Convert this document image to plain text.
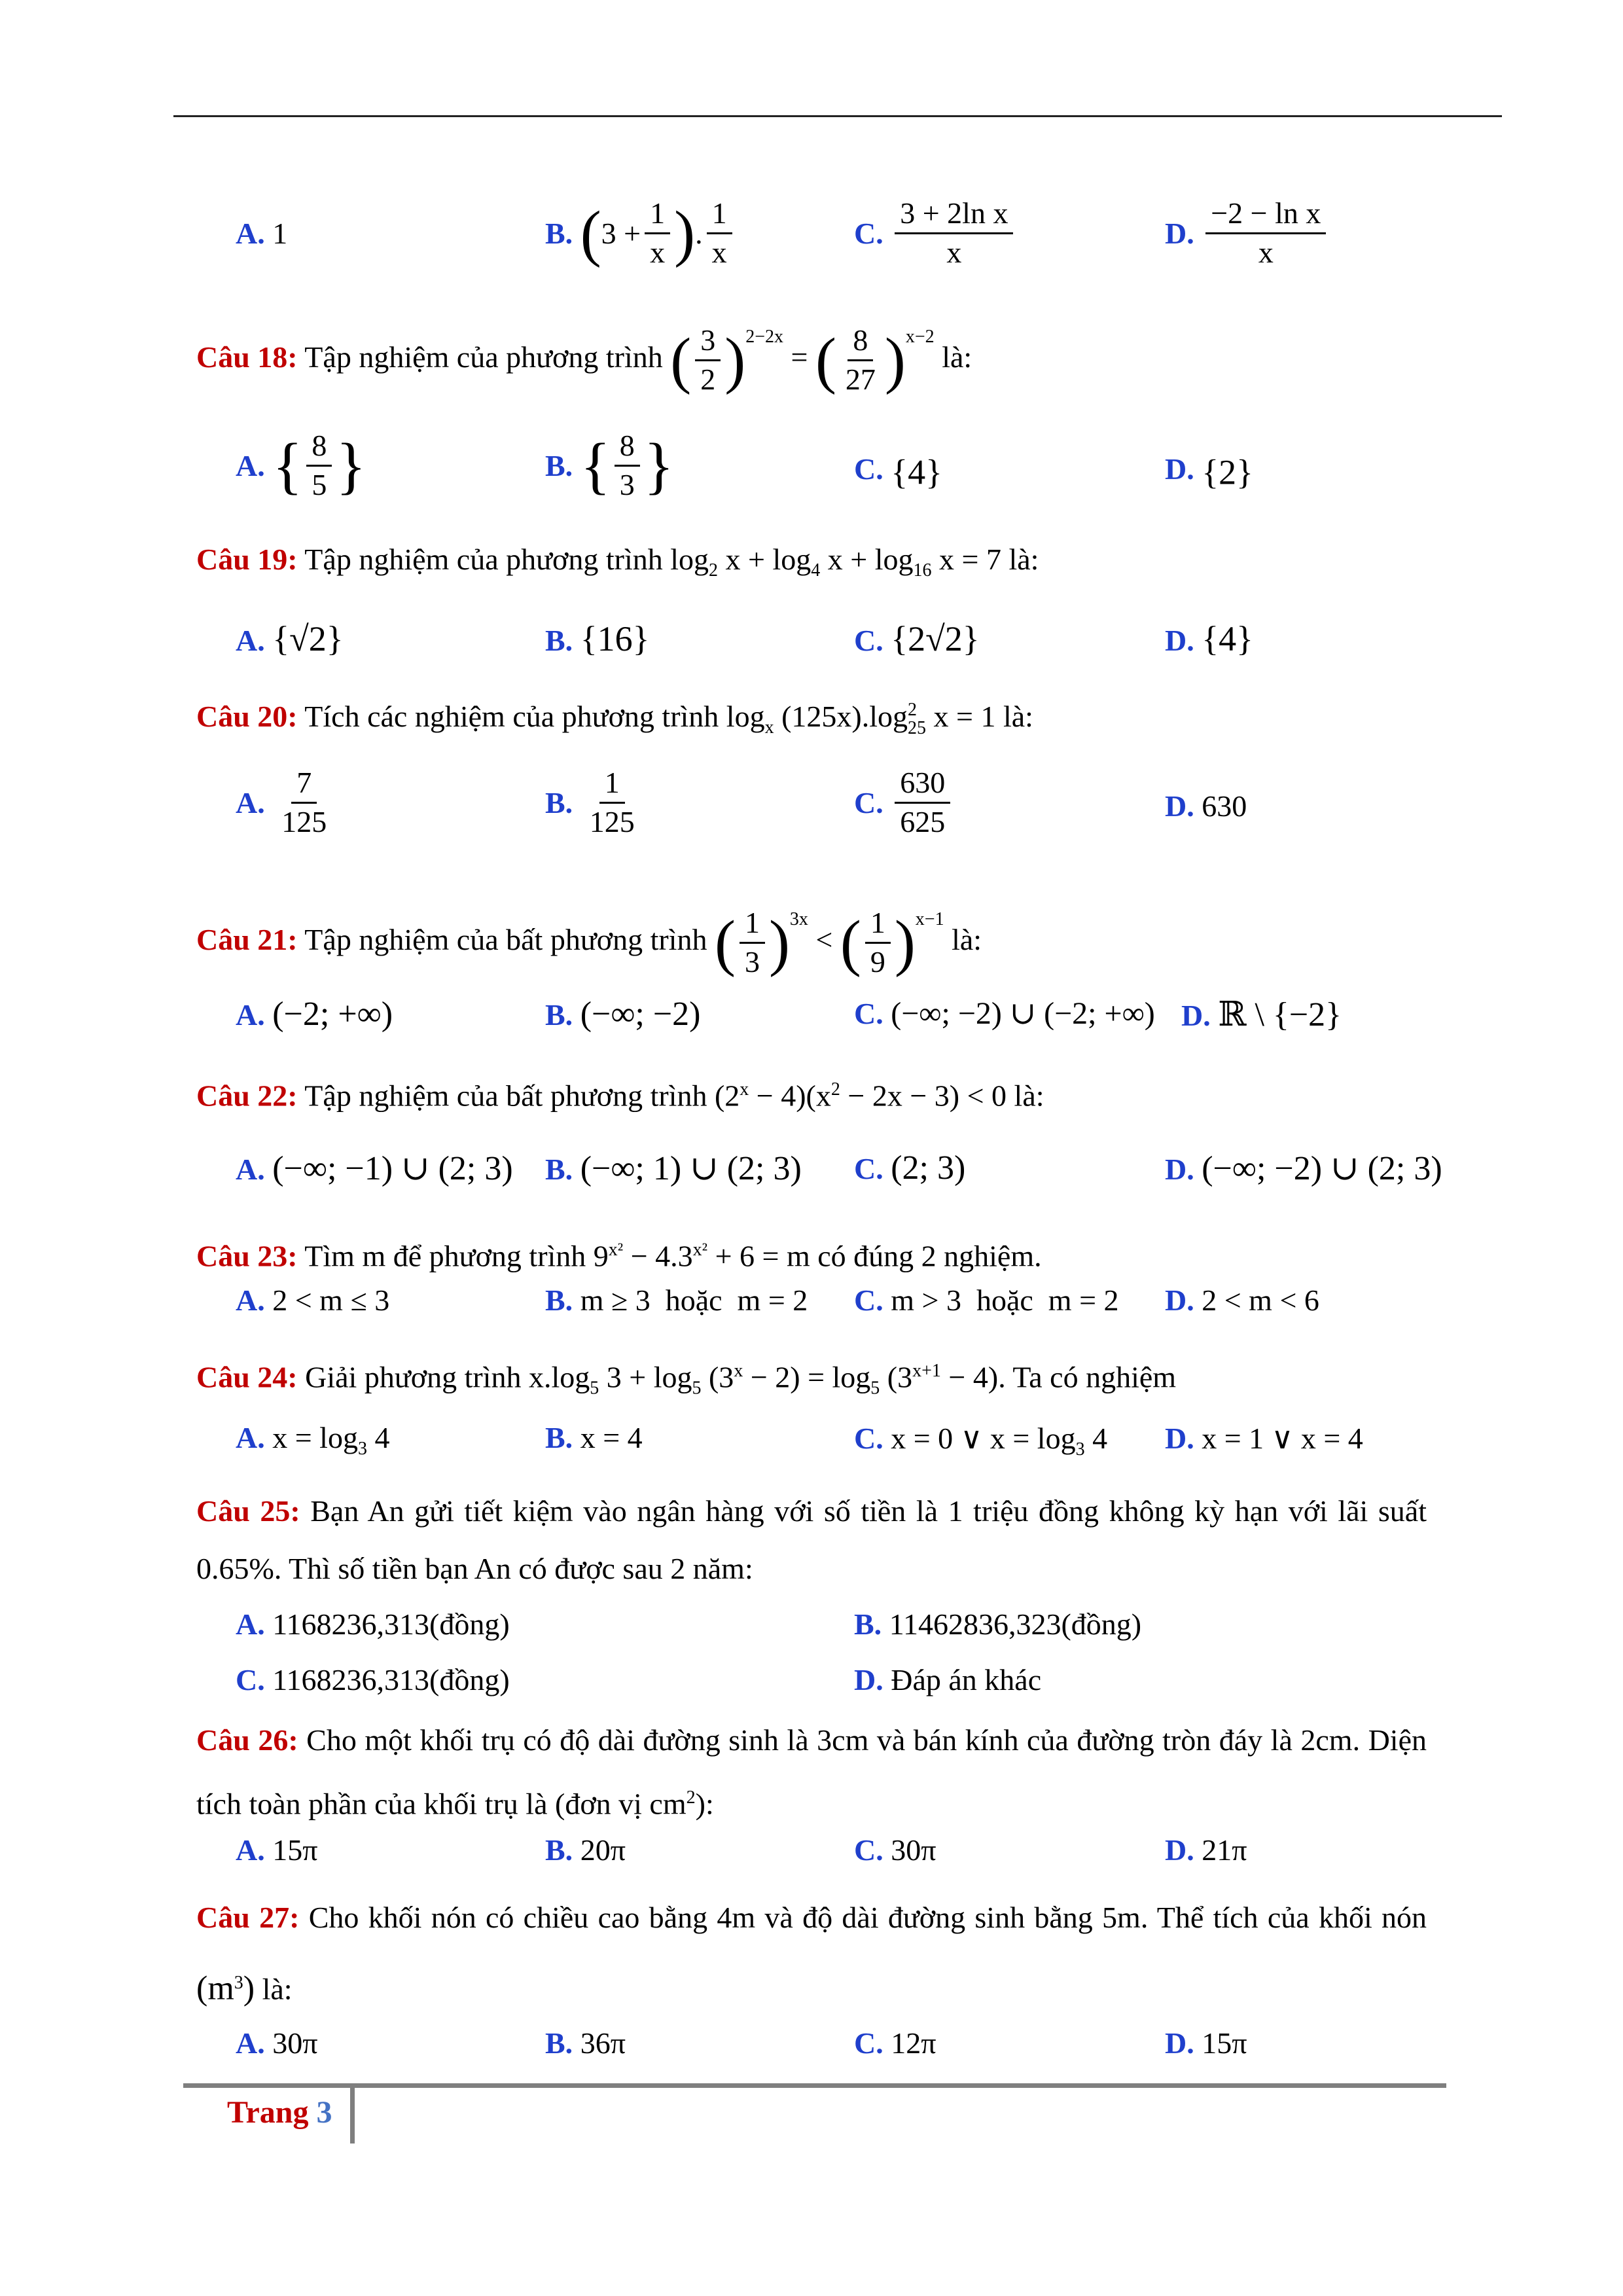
A. 1	B. ($3 + \frac{1}{x}$ ). $\frac{1}{x}$	C. $\frac{\text{3 + 2ln x}}{x}$	D. $\frac{\text{−2 − ln x}}{x}$
Câu 18: Tập nghiệm của phương trình ( $\frac{3}{2} )^{2-2x}$ = ( $\frac{8}{27} )^{x-2}$ là:
A. { $\frac{8}{5}$ }	B. { $\frac{8}{3}$ }	C. {4}	D. {2}
Câu 19: Tập nghiệm của phương trình $\log_2 x + \log_4 x + \log_{16} x = 7$ là:
A. {√2}	B. {16}	C. {2√2}	D. {4}
Câu 20: Tích các nghiệm của phương trình $\log_x (125x).\log$ 2
25 x = 1 là:
A. $\frac{7}{125}$	B. $\frac{1}{125}$	C. $\frac{630}{625}$	D. 630
Câu 21: Tập nghiệm của bất phương trình ( $\frac{1}{3} )^{3x}$ < ( $\frac{1}{9} )^{x-1}$ là:
A. (−2; +∞)	B. (−∞; −2)	C. (−∞; −2) ∪ (−2; +∞) D. ℝ \ {−2}
Câu 22: Tập nghiệm của bất phương trình $(2^x - 4)(x^2 - 2x - 3) < 0$ là:
A. (−∞; −1) ∪ (2; 3) B. (−∞; 1) ∪ (2; 3) C. (2; 3)	D. (−∞; −2) ∪ (2; 3)
Câu 23: Tìm m để phương trình $9^{x^2} - 4.3^{x^2} + 6 = m$ có đúng 2 nghiệm.
A. 2 < m ≤ 3	B. m ≥ 3  hoặc  m = 2 C. m > 3  hoặc  m = 2 D. 2 < m < 6
Câu 24: Giải phương trình $x.\log_5$ $3 + \log_5 (3^x - 2) = \log_5 (3^{x+1} - 4)$. Ta có nghiệm
A. $x = \log_3 4$	B. x = 4	C. x = 0 ∨ $x = \log_3 4$ D. x = 1 ∨ x = 4
Câu 25: Bạn An gửi tiết kiệm vào ngân hàng với số tiền là 1 triệu đồng không kỳ hạn với lãi suất 0.65%. Thì số tiền bạn An có được sau 2 năm:
A. 1168236,313(đồng)	B. 11462836,323(đồng)
C. 1168236,313(đồng)	D. Đáp án khác
Câu 26: Cho một khối trụ có độ dài đường sinh là 3cm và bán kính của đường tròn đáy là 2cm. Diện tích toàn phần của khối trụ là (đơn vị $cm^2$):
A. 15π	B. 20π	C. 30π	D. 21π
Câu 27: Cho khối nón có chiều cao bằng 4m và độ dài đường sinh bằng 5m. Thể tích của khối nón $(m^3)$ là:
A. 30π	B. 36π	C. 12π	D. 15π
Trang 3
